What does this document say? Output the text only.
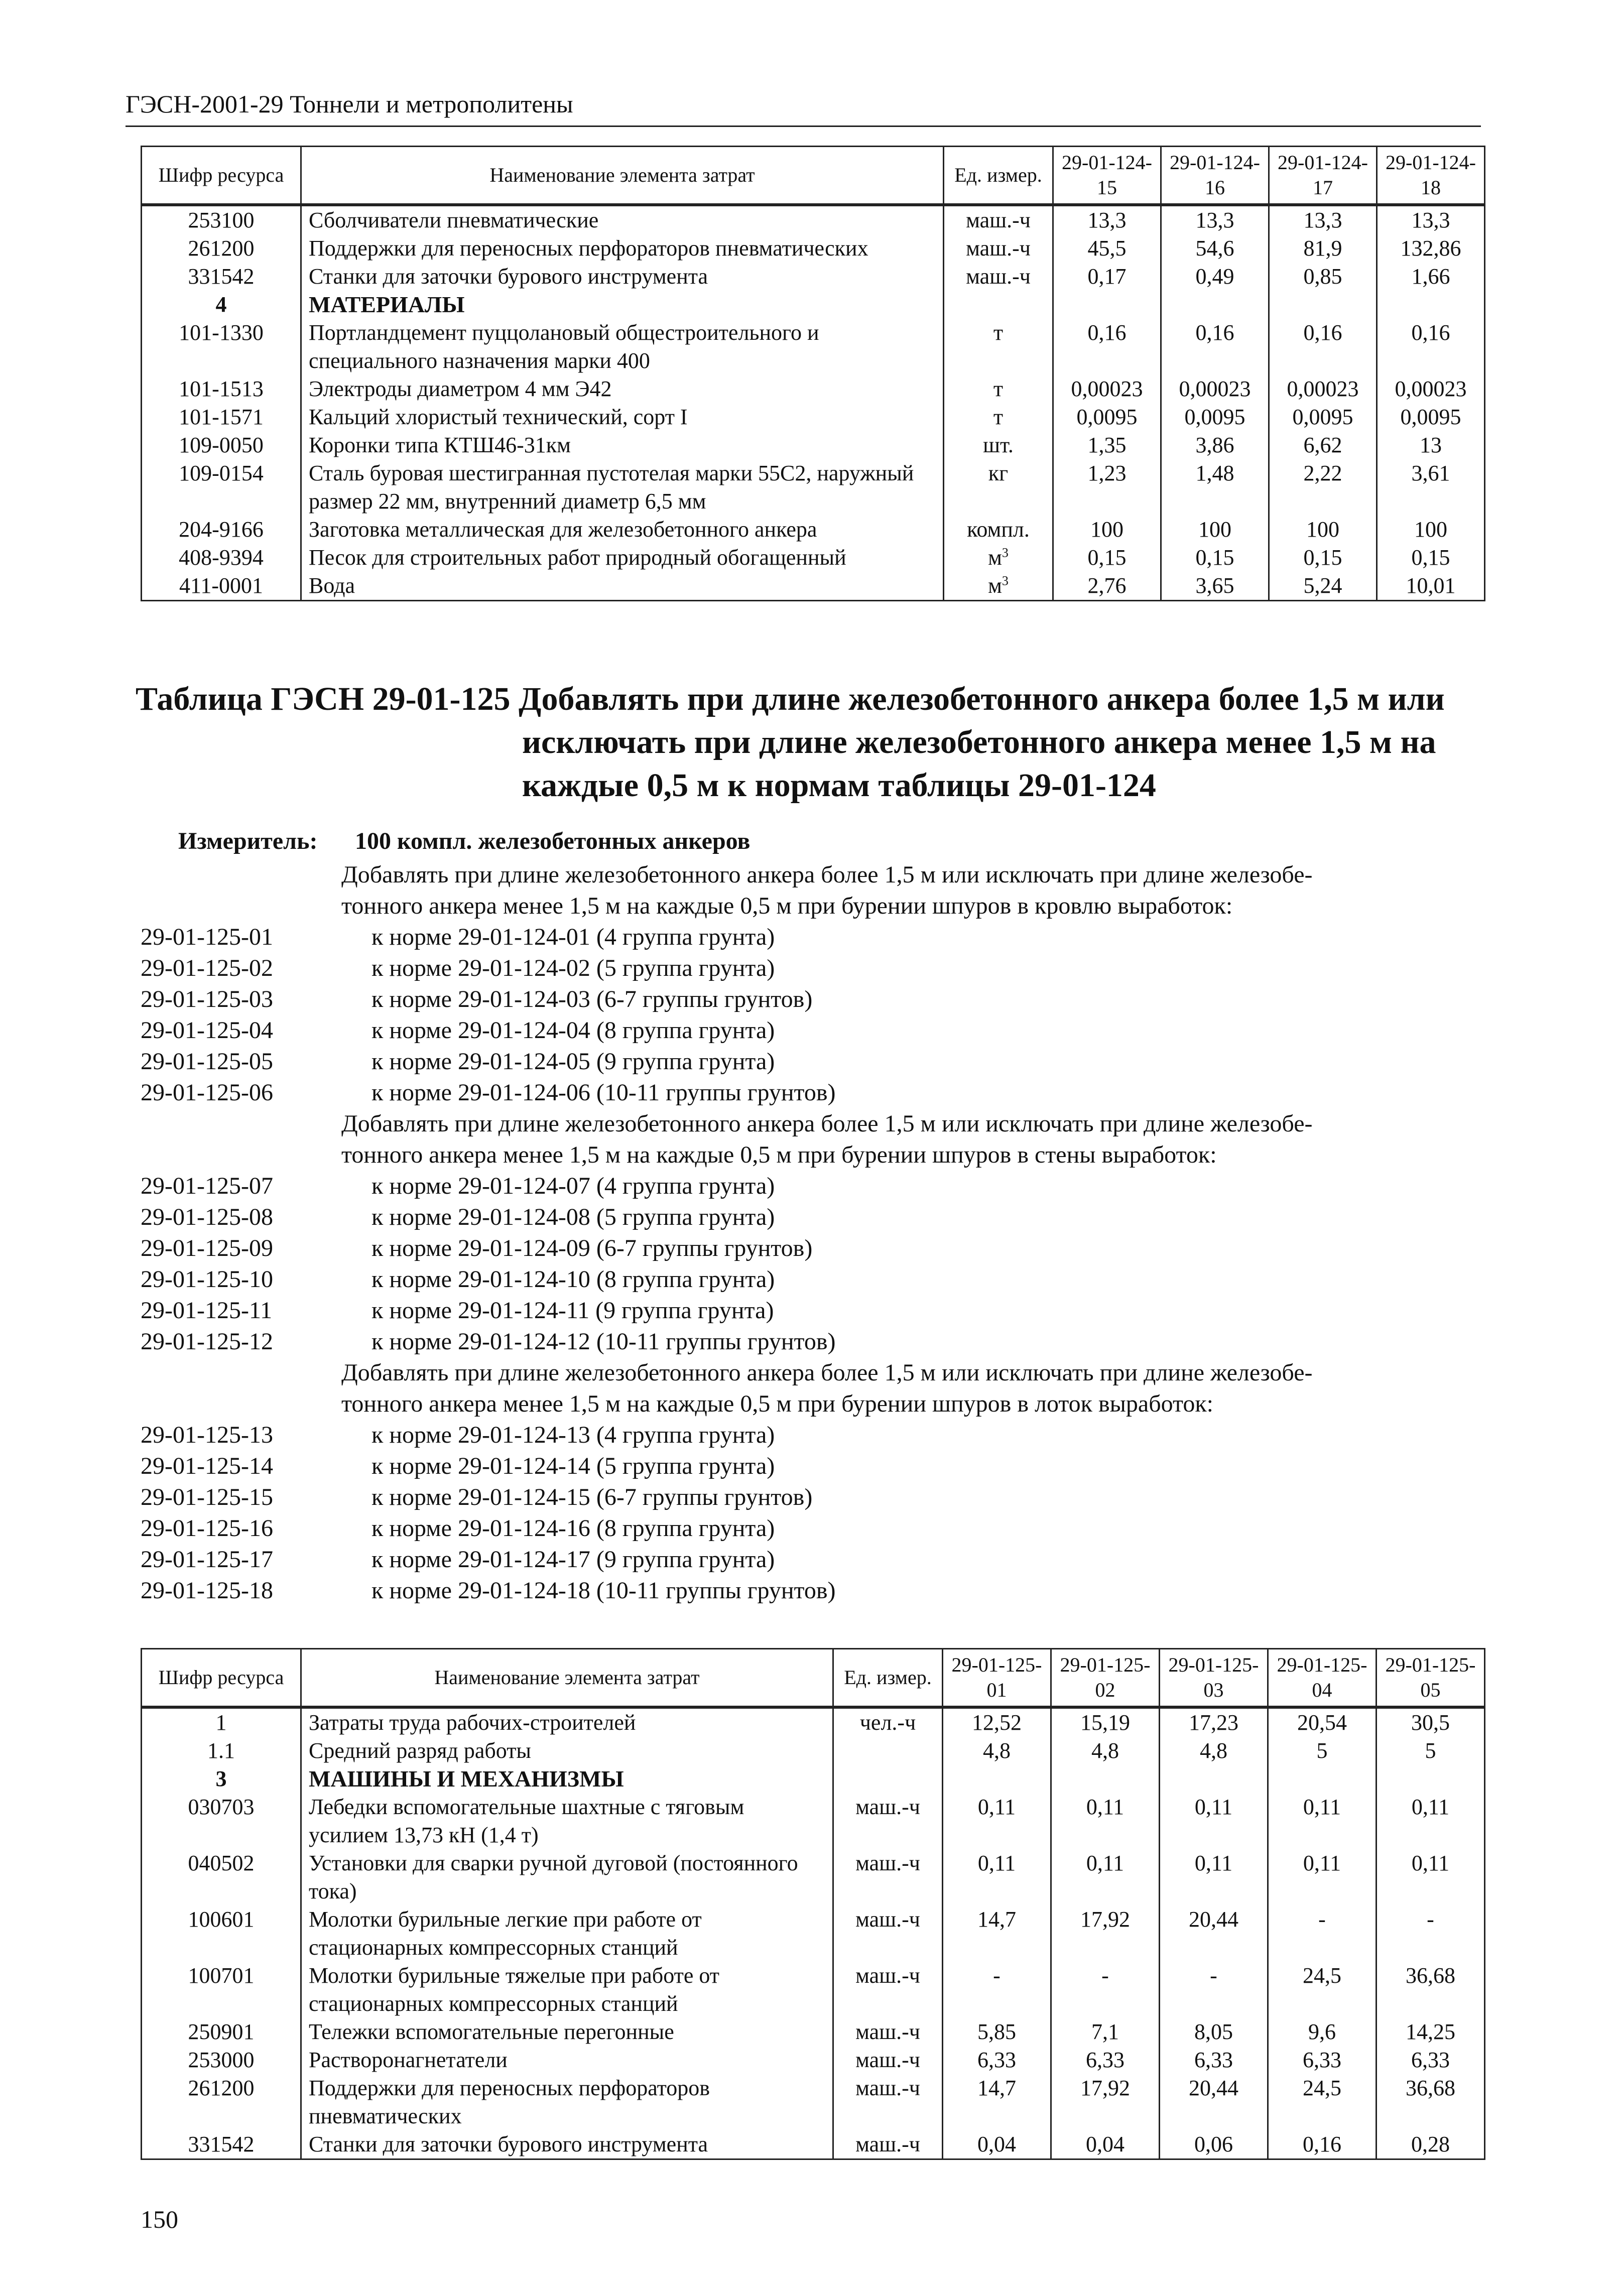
ГЭСН-2001-29 Тоннели и метрополитены
Шифр ресурса	Наименование элемента затрат	Ед. измер.	29-01-124-15	29-01-124-16	29-01-124-17	29-01-124-18
253100	Сболчиватели пневматические	маш.-ч	13,3	13,3	13,3	13,3
261200	Поддержки для переносных перфораторов пневматических	маш.-ч	45,5	54,6	81,9	132,86
331542	Станки для заточки бурового инструмента	маш.-ч	0,17	0,49	0,85	1,66
4	МАТЕРИАЛЫ					
101-1330	Портландцемент пуццолановый общестроительного и специального назначения марки 400	т	0,16	0,16	0,16	0,16
101-1513	Электроды диаметром 4 мм Э42	т	0,00023	0,00023	0,00023	0,00023
101-1571	Кальций хлористый технический, сорт I	т	0,0095	0,0095	0,0095	0,0095
109-0050	Коронки типа КТШ46-31км	шт.	1,35	3,86	6,62	13
109-0154	Сталь буровая шестигранная пустотелая марки 55С2, наружный размер 22 мм, внутренний диаметр 6,5 мм	кг	1,23	1,48	2,22	3,61
204-9166	Заготовка металлическая для железобетонного анкера	компл.	100	100	100	100
408-9394	Песок для строительных работ природный обогащенный	$м^3$	0,15	0,15	0,15	0,15
411-0001	Вода	$м^3$	2,76	3,65	5,24	10,01
Таблица ГЭСН 29-01-125 Добавлять при длине железобетонного анкера более 1,5 м или
исключать при длине железобетонного анкера менее 1,5 м на
каждые 0,5 м к нормам таблицы 29-01-124
Измеритель: 100 компл. железобетонных анкеров
Добавлять при длине железобетонного анкера более 1,5 м или исключать при длине железобе-
тонного анкера менее 1,5 м на каждые 0,5 м при бурении шпуров в кровлю выработок:
29-01-125-01	к норме 29-01-124-01 (4 группа грунта)
29-01-125-02	к норме 29-01-124-02 (5 группа грунта)
29-01-125-03	к норме 29-01-124-03 (6-7 группы грунтов)
29-01-125-04	к норме 29-01-124-04 (8 группа грунта)
29-01-125-05	к норме 29-01-124-05 (9 группа грунта)
29-01-125-06	к норме 29-01-124-06 (10-11 группы грунтов)
Добавлять при длине железобетонного анкера более 1,5 м или исключать при длине железобе-
тонного анкера менее 1,5 м на каждые 0,5 м при бурении шпуров в стены выработок:
29-01-125-07	к норме 29-01-124-07 (4 группа грунта)
29-01-125-08	к норме 29-01-124-08 (5 группа грунта)
29-01-125-09	к норме 29-01-124-09 (6-7 группы грунтов)
29-01-125-10	к норме 29-01-124-10 (8 группа грунта)
29-01-125-11	к норме 29-01-124-11 (9 группа грунта)
29-01-125-12	к норме 29-01-124-12 (10-11 группы грунтов)
Добавлять при длине железобетонного анкера более 1,5 м или исключать при длине железобе-
тонного анкера менее 1,5 м на каждые 0,5 м при бурении шпуров в лоток выработок:
29-01-125-13	к норме 29-01-124-13 (4 группа грунта)
29-01-125-14	к норме 29-01-124-14 (5 группа грунта)
29-01-125-15	к норме 29-01-124-15 (6-7 группы грунтов)
29-01-125-16	к норме 29-01-124-16 (8 группа грунта)
29-01-125-17	к норме 29-01-124-17 (9 группа грунта)
29-01-125-18	к норме 29-01-124-18 (10-11 группы грунтов)
Шифр ресурса	Наименование элемента затрат	Ед. измер.	29-01-125-01	29-01-125-02	29-01-125-03	29-01-125-04	29-01-125-05
1	Затраты труда рабочих-строителей	чел.-ч	12,52	15,19	17,23	20,54	30,5
1.1	Средний разряд работы		4,8	4,8	4,8	5	5
3	МАШИНЫ И МЕХАНИЗМЫ						
030703	Лебедки вспомогательные шахтные с тяговым усилием 13,73 кН (1,4 т)	маш.-ч	0,11	0,11	0,11	0,11	0,11
040502	Установки для сварки ручной дуговой (постоянного тока)	маш.-ч	0,11	0,11	0,11	0,11	0,11
100601	Молотки бурильные легкие при работе от стационарных компрессорных станций	маш.-ч	14,7	17,92	20,44	-	-
100701	Молотки бурильные тяжелые при работе от стационарных компрессорных станций	маш.-ч	-	-	-	24,5	36,68
250901	Тележки вспомогательные перегонные	маш.-ч	5,85	7,1	8,05	9,6	14,25
253000	Растворонагнетатели	маш.-ч	6,33	6,33	6,33	6,33	6,33
261200	Поддержки для переносных перфораторов пневматических	маш.-ч	14,7	17,92	20,44	24,5	36,68
331542	Станки для заточки бурового инструмента	маш.-ч	0,04	0,04	0,06	0,16	0,28
150
